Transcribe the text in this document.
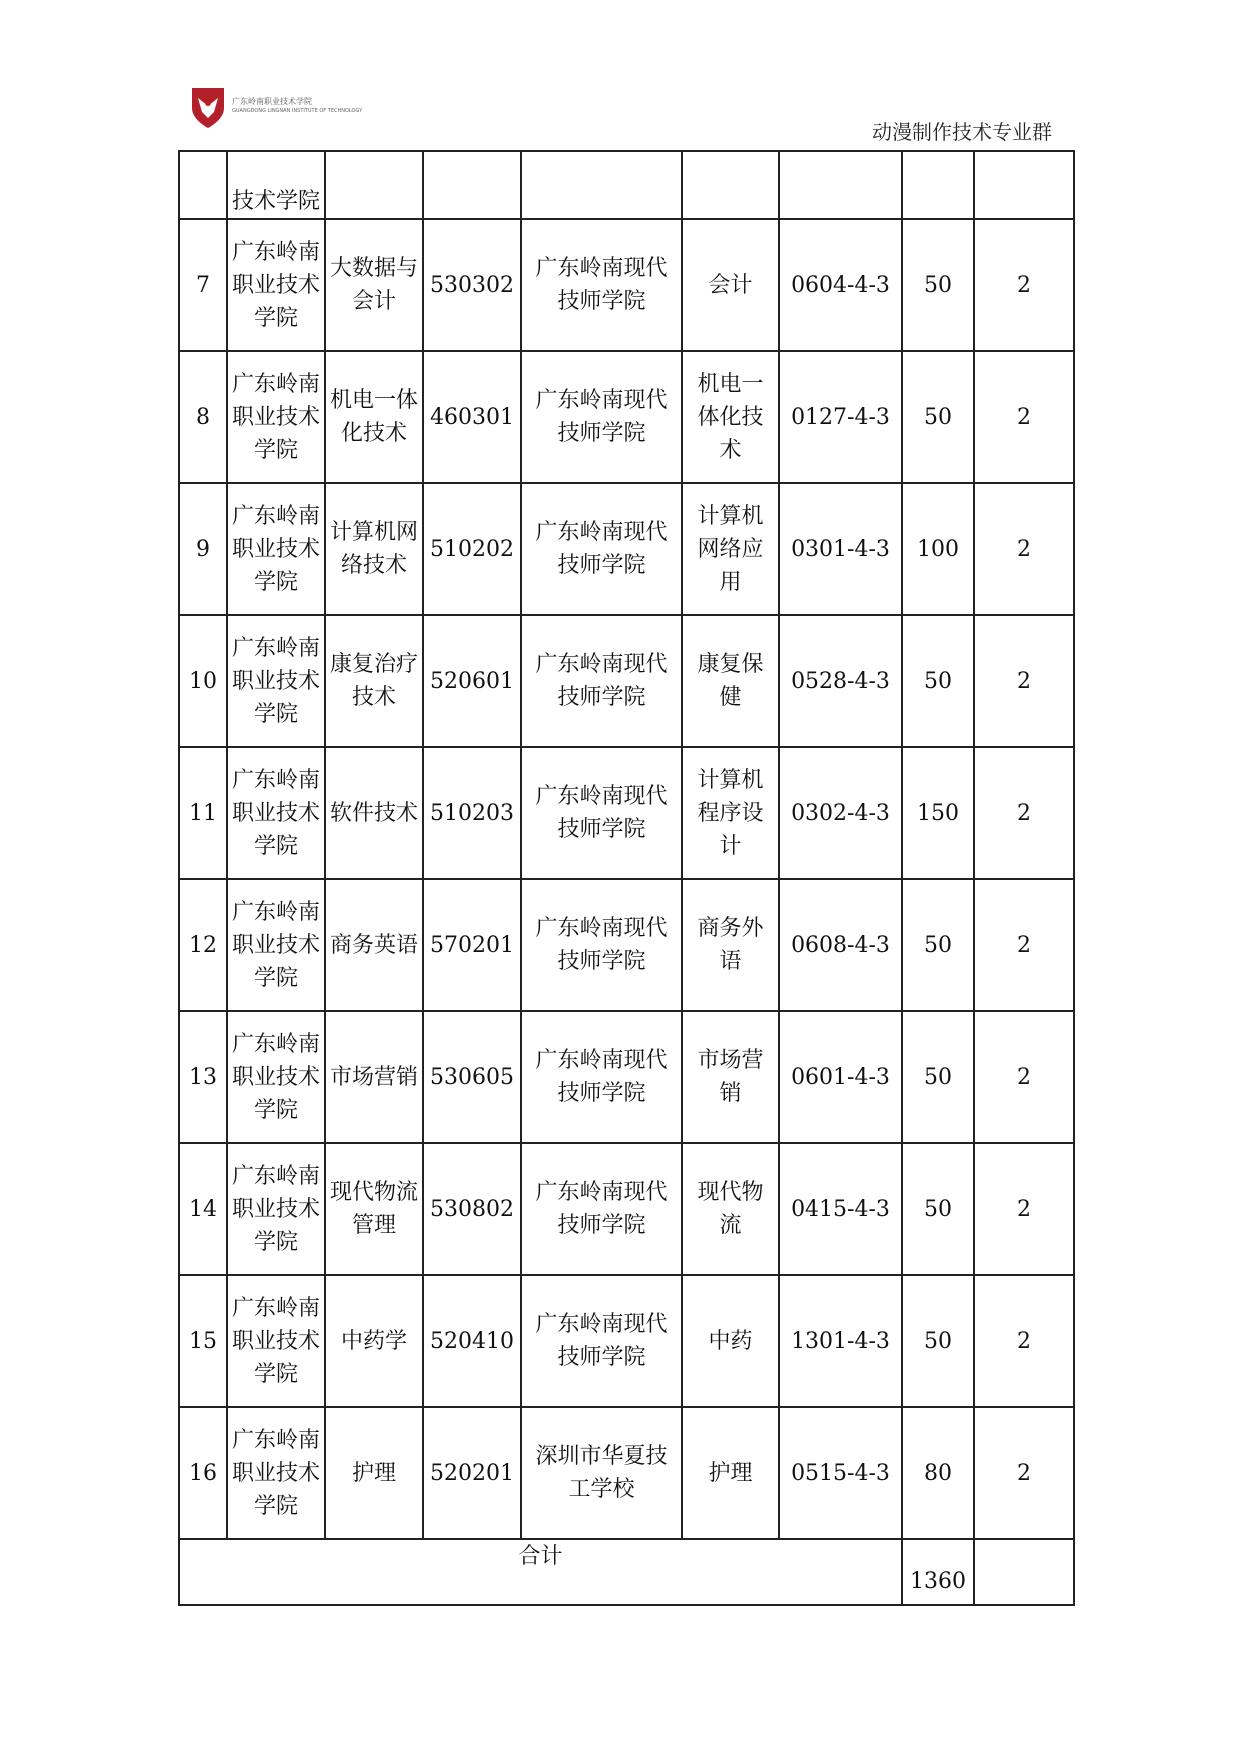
广东岭南职业技术学院
GUANGDONG LINGNAN INSTITUTE OF TECHNOLOGY
动漫制作技术专业群
	技术学院							
7	广东岭南职业技术学院	大数据与会计	530302	广东岭南现代技师学院	会计	0604-4-3	50	2
8	广东岭南职业技术学院	机电一体化技术	460301	广东岭南现代技师学院	机电一体化技术	0127-4-3	50	2
9	广东岭南职业技术学院	计算机网络技术	510202	广东岭南现代技师学院	计算机网络应用	0301-4-3	100	2
10	广东岭南职业技术学院	康复治疗技术	520601	广东岭南现代技师学院	康复保健	0528-4-3	50	2
11	广东岭南职业技术学院	软件技术	510203	广东岭南现代技师学院	计算机程序设计	0302-4-3	150	2
12	广东岭南职业技术学院	商务英语	570201	广东岭南现代技师学院	商务外语	0608-4-3	50	2
13	广东岭南职业技术学院	市场营销	530605	广东岭南现代技师学院	市场营销	0601-4-3	50	2
14	广东岭南职业技术学院	现代物流管理	530802	广东岭南现代技师学院	现代物流	0415-4-3	50	2
15	广东岭南职业技术学院	中药学	520410	广东岭南现代技师学院	中药	1301-4-3	50	2
16	广东岭南职业技术学院	护理	520201	深圳市华夏技工学校	护理	0515-4-3	80	2
合计							1360	
